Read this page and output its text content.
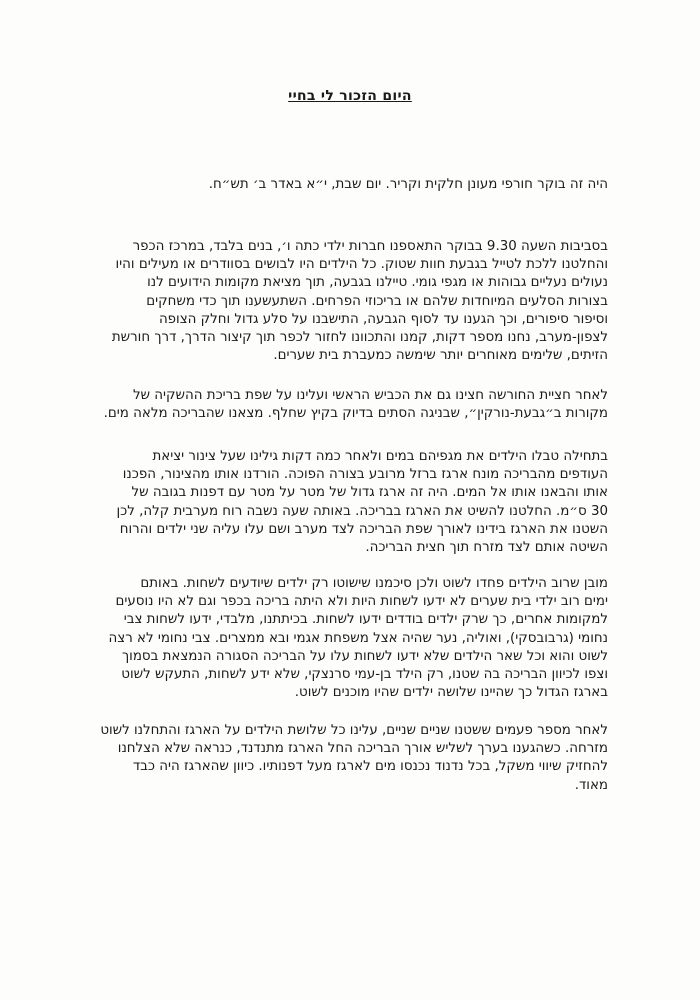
היום הזכור לי בחיי

היה זה בוקר חורפי מעונן חלקית וקריר. יום שבת, י״א באדר ב׳ תש״ח.

בסביבות השעה 9.30 בבוקר התאספנו חברות ילדי כתה ו׳, בנים בלבד, במרכז הכפר
והחלטנו ללכת לטייל בגבעת חוות שטוק. כל הילדים היו לבושים בסוודרים או מעילים והיו
נעולים נעליים גבוהות או מגפי גומי. טיילנו בגבעה, תוך מציאת מקומות הידועים לנו
בצורות הסלעים המיוחדות שלהם או בריכוזי הפרחים. השתעשענו תוך כדי משחקים
וסיפור סיפורים, וכך הגענו עד לסוף הגבעה, התישבנו על סלע גדול וחלק הצופה
לצפון-מערב, נחנו מספר דקות, קמנו והתכוונו לחזור לכפר תוך קיצור הדרך, דרך חורשת
הזיתים, שלימים מאוחרים יותר שימשה כמעברת בית שערים.

לאחר חציית החורשה חצינו גם את הכביש הראשי ועלינו על שפת בריכת ההשקיה של
מקורות ב״גבעת-נורקין״, שבניגה הסתים בדיוק בקיץ שחלף. מצאנו שהבריכה מלאה מים.

בתחילה טבלו הילדים את מגפיהם במים ולאחר כמה דקות גילינו שעל צינור יציאת
העודפים מהבריכה מונח ארגז ברזל מרובע בצורה הפוכה. הורדנו אותו מהצינור, הפכנו
אותו והבאנו אותו אל המים. היה זה ארגז גדול של מטר על מטר עם דפנות בגובה של
30 ס״מ. החלטנו להשיט את הארגז בבריכה. באותה שעה נשבה רוח מערבית קלה, לכן
השטנו את הארגז בידינו לאורך שפת הבריכה לצד מערב ושם עלו עליה שני ילדים והרוח
השיטה אותם לצד מזרח תוך חצית הבריכה.

מובן שרוב הילדים פחדו לשוט ולכן סיכמנו שישוטו רק ילדים שיודעים לשחות. באותם
ימים רוב ילדי בית שערים לא ידעו לשחות היות ולא היתה בריכה בכפר וגם לא היו נוסעים
למקומות אחרים, כך שרק ילדים בודדים ידעו לשחות. בכיתתנו, מלבדי, ידעו לשחות צבי
נחומי (גרבובסקי), ואוליה, נער שהיה אצל משפחת אגמי ובא ממצרים. צבי נחומי לא רצה
לשוט והוא וכל שאר הילדים שלא ידעו לשחות עלו על הבריכה הסגורה הנמצאת בסמוך
וצפו לכיוון הבריכה בה שטנו, רק הילד בן-עמי סרנצקי, שלא ידע לשחות, התעקש לשוט
בארגז הגדול כך שהיינו שלושה ילדים שהיו מוכנים לשוט.

לאחר מספר פעמים ששטנו שניים שניים, עלינו כל שלושת הילדים על הארגז והתחלנו לשוט
מזרחה. כשהגענו בערך לשליש אורך הבריכה החל הארגז מתנדנד, כנראה שלא הצלחנו
להחזיק שיווי משקל, בכל נדנוד נכנסו מים לארגז מעל דפנותיו. כיוון שהארגז היה כבד
מאוד.
